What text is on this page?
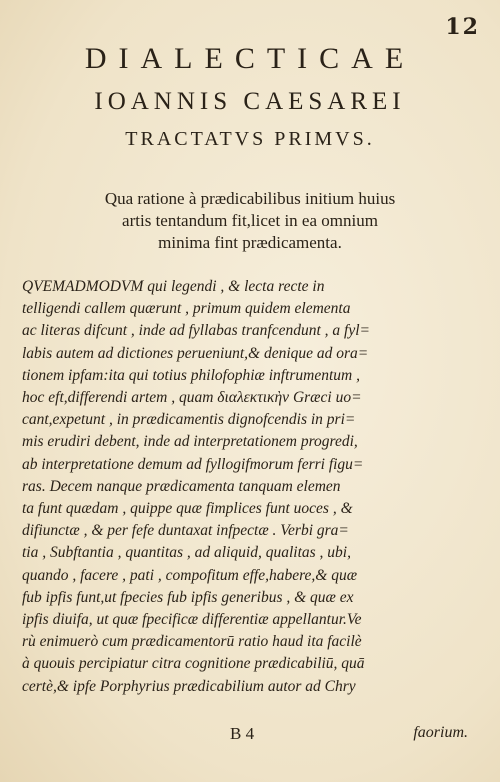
12
DIALECTICAE
IOANNIS CAESAREI
TRACTATVS PRIMVS.
Qua ratione à prædicabilibus initium huius
artis tentandum fit,licet in ea omnium
minima fint prædicamenta.
QVEMADMODVM qui legendi , & lecta recte in
telligendi callem quærunt , primum quidem elementa
ac literas difcunt , inde ad fyllabas tranfcendunt , a fyl=
labis autem ad dictiones perueniunt,& denique ad ora=
tionem ipfam:ita qui totius philofophiæ inftrumentum ,
hoc eft,differendi artem , quam διαλεκτικὴν Græci uo=
cant,expetunt , in prædicamentis dignofcendis in pri=
mis erudiri debent, inde ad interpretationem progredi,
ab interpretatione demum ad fyllogifmorum ferri figu=
ras. Decem nanque prædicamenta tanquam elemen
ta funt quædam , quippe quæ fimplices funt uoces , &
difiunctæ , & per fefe duntaxat infpectæ . Verbi gra=
tia , Subftantia , quantitas , ad aliquid, qualitas , ubi,
quando , facere , pati , compofitum effe,habere,& quæ
fub ipfis funt,ut fpecies fub ipfis generibus , & quæ ex
ipfis diuifa, ut quæ fpecificæ differentiæ appellantur.Ve
rù enimuerò cum prædicamentorū ratio haud ita facilè
à quouis percipiatur citra cognitione prædicabiliū, quā
certè,& ipfe Porphyrius prædicabilium autor ad Chry
B 4	faorium.
